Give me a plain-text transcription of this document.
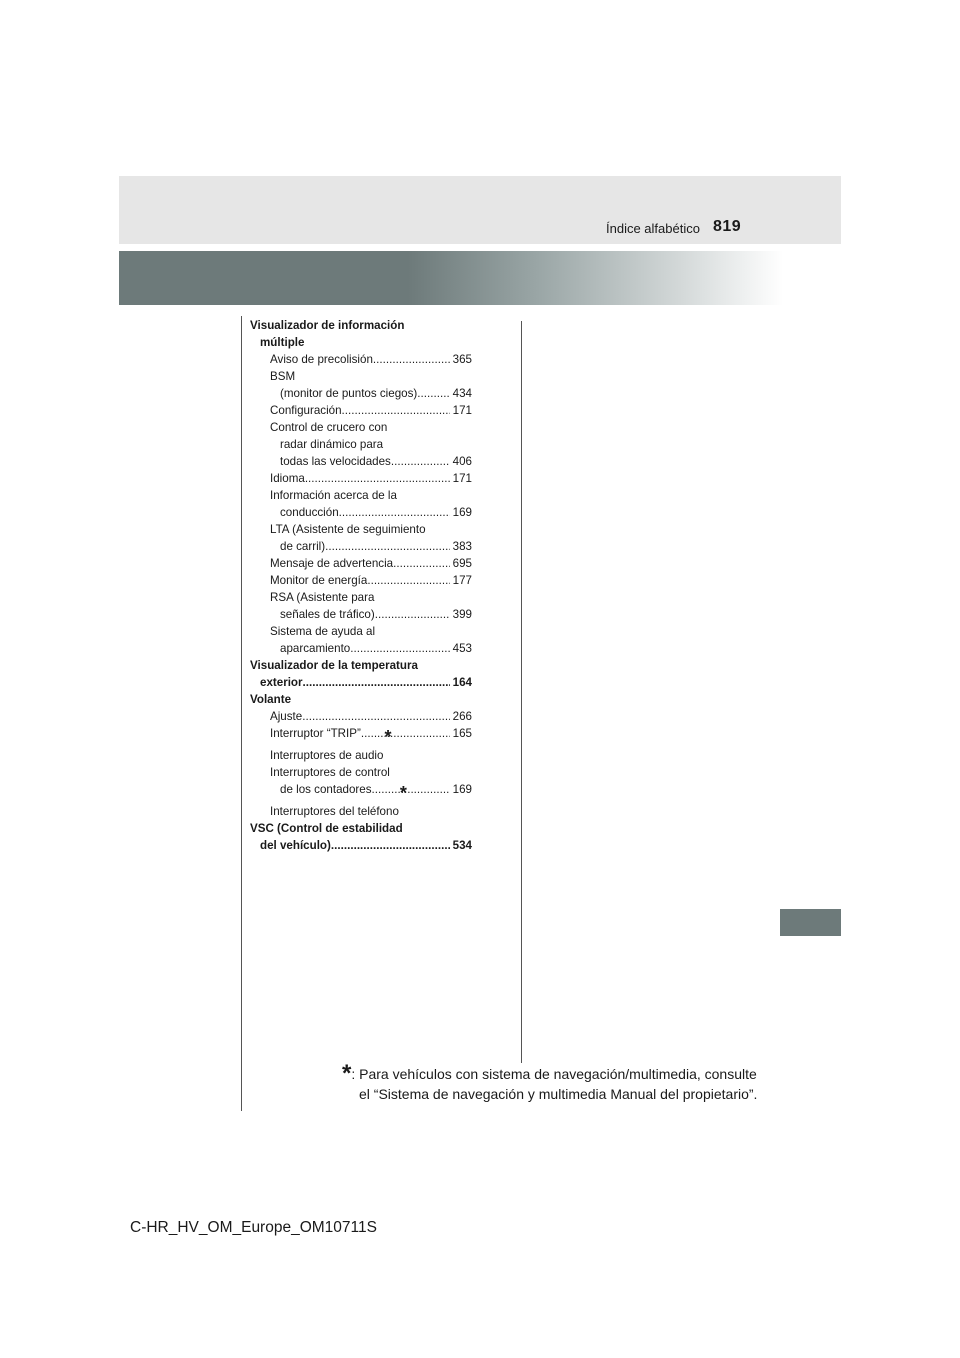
819
Índice alfabético
Visualizador de información
múltiple
Aviso de precolisión . . .	365
BSM
(monitor de puntos ciegos) . . .	434
Configuración . . .	171
Control de crucero con
radar dinámico para
todas las velocidades . . .	406
Idioma . . .	171
Información acerca de la
conducción . . .	169
LTA (Asistente de seguimiento
de carril) . . .	383
Mensaje de advertencia . . .	695
Monitor de energía . . .	177
RSA (Asistente para
señales de tráfico) . . .	399
Sistema de ayuda al
aparcamiento . . .	453
Visualizador de la temperatura
exterior . . .	164
Volante
Ajuste . . .	266
Interruptor “TRIP” . . .	165
Interruptores de audio
*
Interruptores de control
de los contadores . . .	169
Interruptores del teléfono
*
VSC (Control de estabilidad
del vehículo) . . .	534
*: Para vehículos con sistema de navegación/multimedia, consulte
el “Sistema de navegación y multimedia Manual del propietario”.
C-HR_HV_OM_Europe_OM10711S
